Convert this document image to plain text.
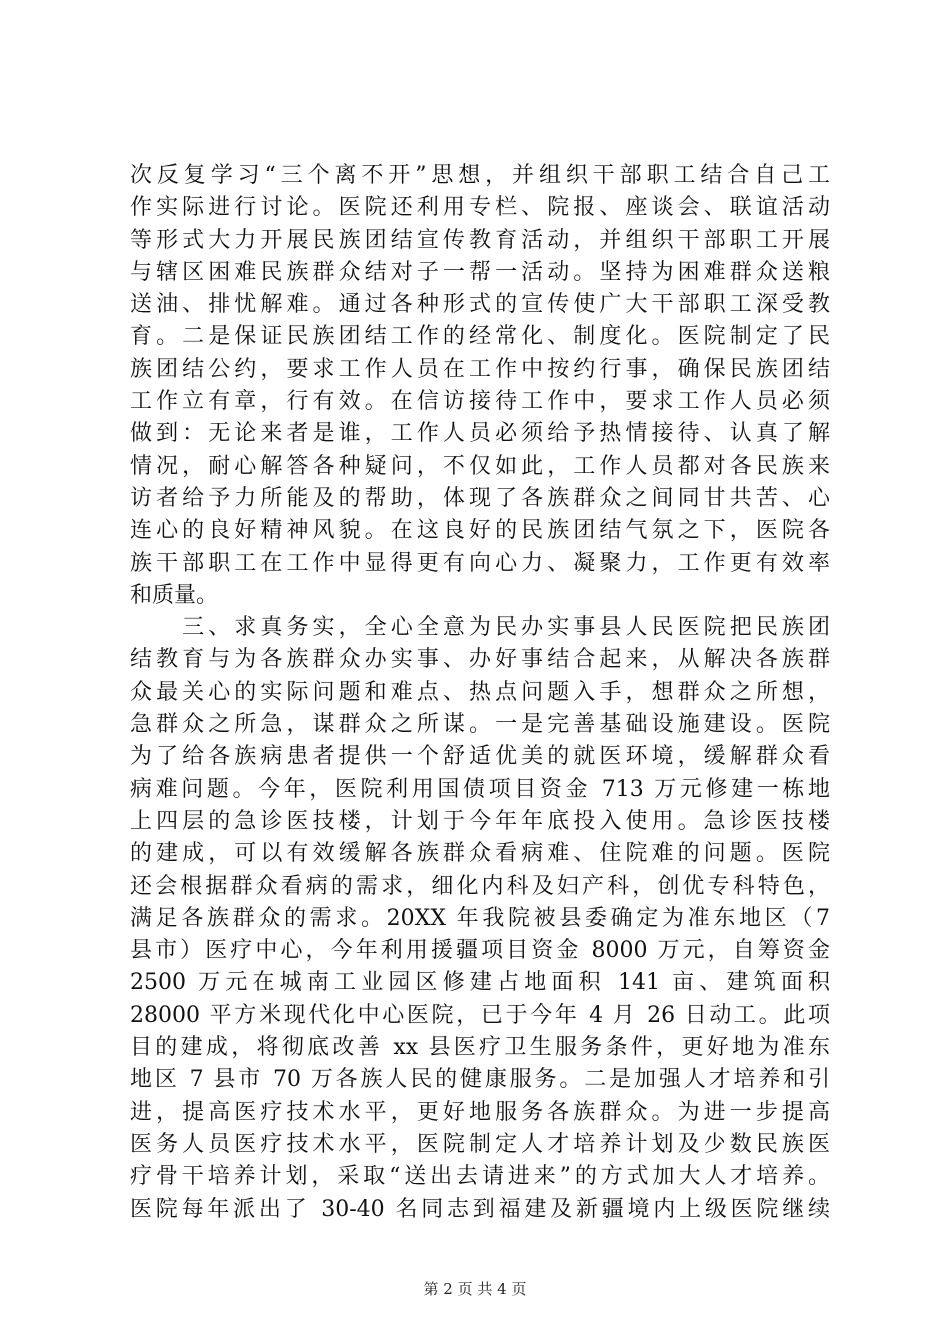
次反复学习“三个离不开”思想，并组织干部职工结合自己工
作实际进行讨论。医院还利用专栏、院报、座谈会、联谊活动
等形式大力开展民族团结宣传教育活动，并组织干部职工开展
与辖区困难民族群众结对子一帮一活动。坚持为困难群众送粮
送油、排忧解难。通过各种形式的宣传使广大干部职工深受教
育。二是保证民族团结工作的经常化、制度化。医院制定了民
族团结公约，要求工作人员在工作中按约行事，确保民族团结
工作立有章，行有效。在信访接待工作中，要求工作人员必须
做到：无论来者是谁，工作人员必须给予热情接待、认真了解
情况，耐心解答各种疑问，不仅如此，工作人员都对各民族来
访者给予力所能及的帮助，体现了各族群众之间同甘共苦、心
连心的良好精神风貌。在这良好的民族团结气氛之下，医院各
族干部职工在工作中显得更有向心力、凝聚力，工作更有效率
和质量。
　　三、求真务实，全心全意为民办实事县人民医院把民族团
结教育与为各族群众办实事、办好事结合起来，从解决各族群
众最关心的实际问题和难点、热点问题入手，想群众之所想，
急群众之所急，谋群众之所谋。一是完善基础设施建设。医院
为了给各族病患者提供一个舒适优美的就医环境，缓解群众看
病难问题。今年，医院利用国债项目资金 713 万元修建一栋地
上四层的急诊医技楼，计划于今年年底投入使用。急诊医技楼
的建成，可以有效缓解各族群众看病难、住院难的问题。医院
还会根据群众看病的需求，细化内科及妇产科，创优专科特色，
满足各族群众的需求。20XX 年我院被县委确定为准东地区（7
县市）医疗中心，今年利用援疆项目资金 8000 万元，自筹资金
2500 万元在城南工业园区修建占地面积 141 亩、建筑面积
28000 平方米现代化中心医院，已于今年 4 月 26 日动工。此项
目的建成，将彻底改善 xx 县医疗卫生服务条件，更好地为准东
地区 7 县市 70 万各族人民的健康服务。二是加强人才培养和引
进，提高医疗技术水平，更好地服务各族群众。为进一步提高
医务人员医疗技术水平，医院制定人才培养计划及少数民族医
疗骨干培养计划，采取“送出去请进来”的方式加大人才培养。
医院每年派出了 30-40 名同志到福建及新疆境内上级医院继续
第 2 页 共 4 页
